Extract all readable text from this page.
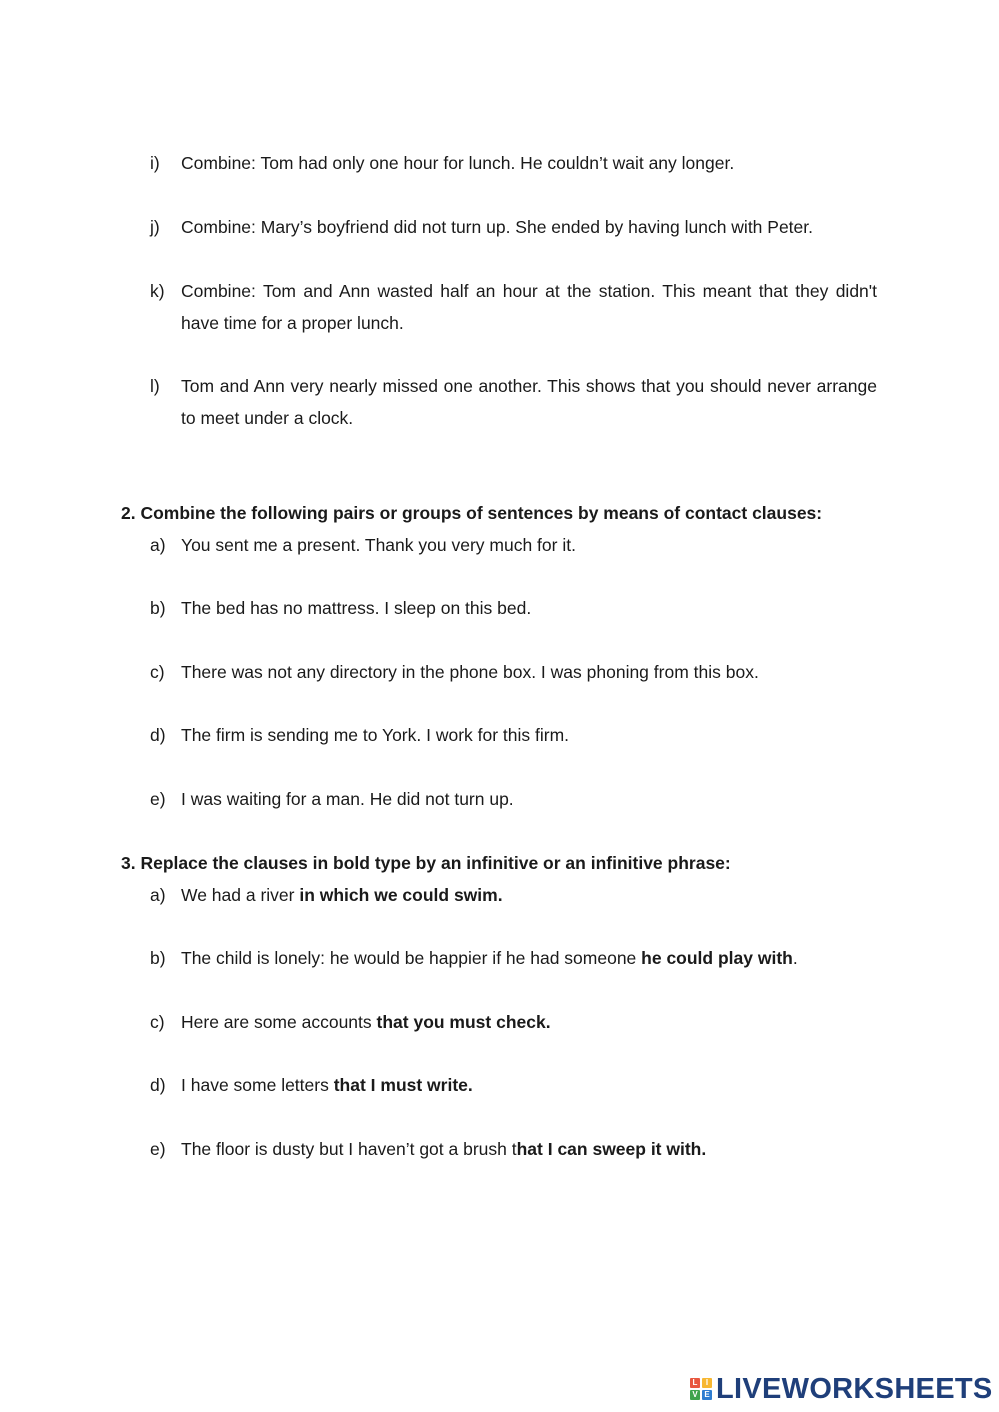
i)	Combine: Tom had only one hour for lunch. He couldn’t wait any longer.
j)	Combine: Mary’s boyfriend did not turn up. She ended by having lunch with Peter.
k) Combine: Tom and Ann wasted half an hour at the station. This meant that they didn't have time for a proper lunch.
l)	Tom and Ann very nearly missed one another. This shows that you should never arrange to meet under a clock.
2. Combine the following pairs or groups of sentences by means of contact clauses:
a) You sent me a present. Thank you very much for it.
b) The bed has no mattress. I sleep on this bed.
c) There was not any directory in the phone box. I was phoning from this box.
d) The firm is sending me to York. I work for this firm.
e) I was waiting for a man. He did not turn up.
3. Replace the clauses in bold type by an infinitive or an infinitive phrase:
a) We had a river in which we could swim.
b) The child is lonely: he would be happier if he had someone he could play with.
c) Here are some accounts that you must check.
d) I have some letters that I must write.
e) The floor is dusty but I haven’t got a brush that I can sweep it with.
L	I
V E LIVEWORKSHEETS
